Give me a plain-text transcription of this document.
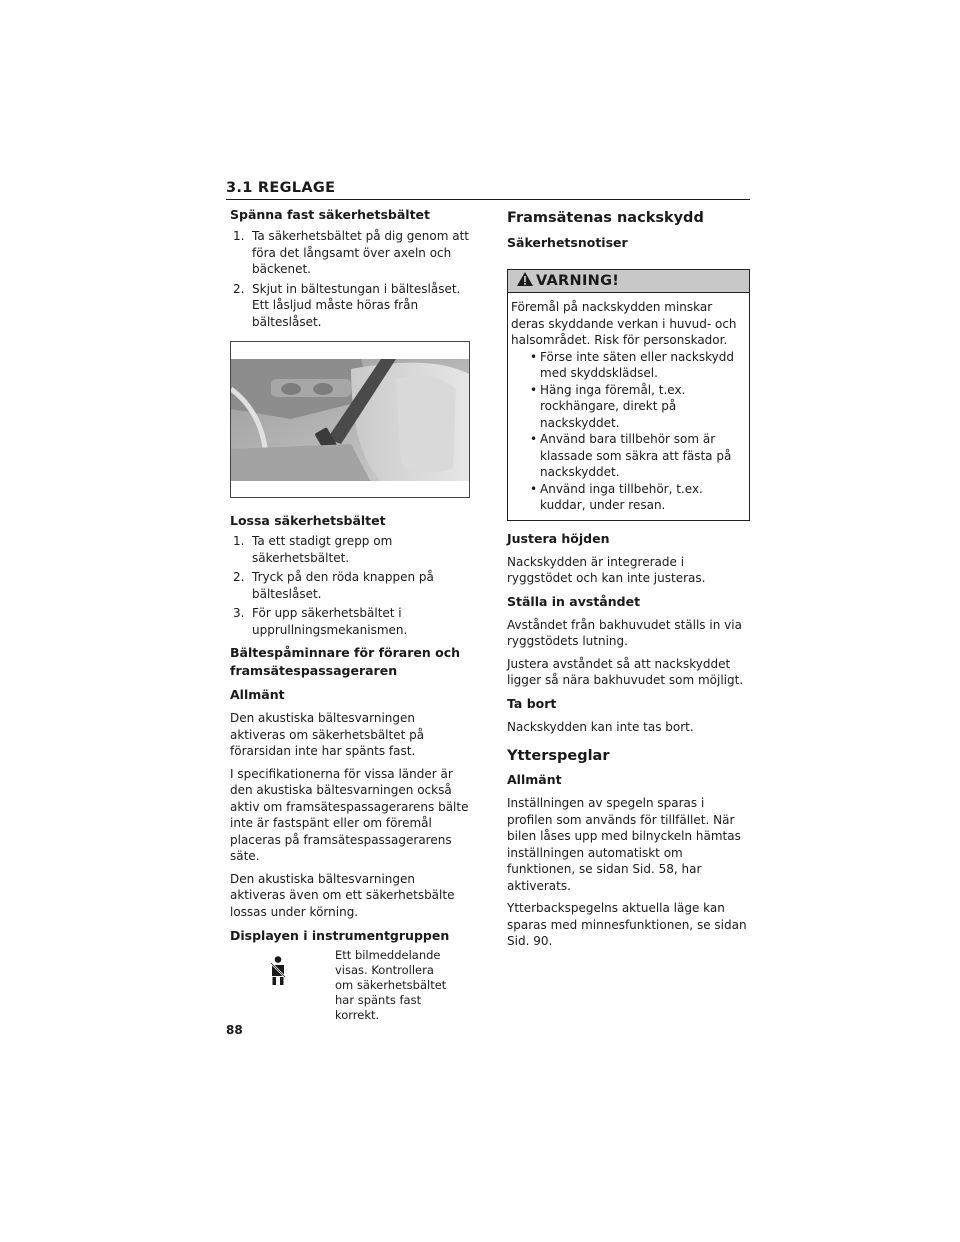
3.1 REGLAGE
Spänna fast säkerhetsbältet
1. Ta säkerhetsbältet på dig genom att föra det långsamt över axeln och bäckenet.
2. Skjut in bältestungan i bälteslåset. Ett låsljud måste höras från bälteslåset.
Lossa säkerhetsbältet
1. Ta ett stadigt grepp om säkerhetsbältet.
2. Tryck på den röda knappen på bälteslåset.
3. För upp säkerhetsbältet i upprullningsmekanismen.
Bältespåminnare för föraren och framsätespassageraren
Allmänt

Den akustiska bältesvarningen aktiveras om säkerhetsbältet på förarsidan inte har spänts fast.

I specifikationerna för vissa länder är den akustiska bältesvarningen också aktiv om framsätespassagerarens bälte inte är fastspänt eller om föremål placeras på framsätespassagerarens säte.

Den akustiska bältesvarningen aktiveras även om ett säkerhetsbälte lossas under körning.

Displayen i instrumentgruppen

Ett bilmeddelande visas. Kontrollera om säkerhetsbältet har spänts fast korrekt.

Framsätenas nackskydd
Säkerhetsnotiser
VARNING!

Föremål på nackskydden minskar deras skyddande verkan i huvud- och halsområdet. Risk för personskador.

• Förse inte säten eller nackskydd med skyddsklädsel.
• Häng inga föremål, t.ex. rockhängare, direkt på nackskyddet.
• Använd bara tillbehör som är klassade som säkra att fästa på nackskyddet.
• Använd inga tillbehör, t.ex. kuddar, under resan.
Justera höjden

Nackskydden är integrerade i ryggstödet och kan inte justeras.

Ställa in avståndet

Avståndet från bakhuvudet ställs in via ryggstödets lutning.

Justera avståndet så att nackskyddet ligger så nära bakhuvudet som möjligt.

Ta bort

Nackskydden kan inte tas bort.

Ytterspeglar
Allmänt

Inställningen av spegeln sparas i profilen som används för tillfället. När bilen låses upp med bilnyckeln hämtas inställningen automatiskt om funktionen, se sidan Sid. 58, har aktiverats.

Ytterbackspegelns aktuella läge kan sparas med minnesfunktionen, se sidan Sid. 90.

88
